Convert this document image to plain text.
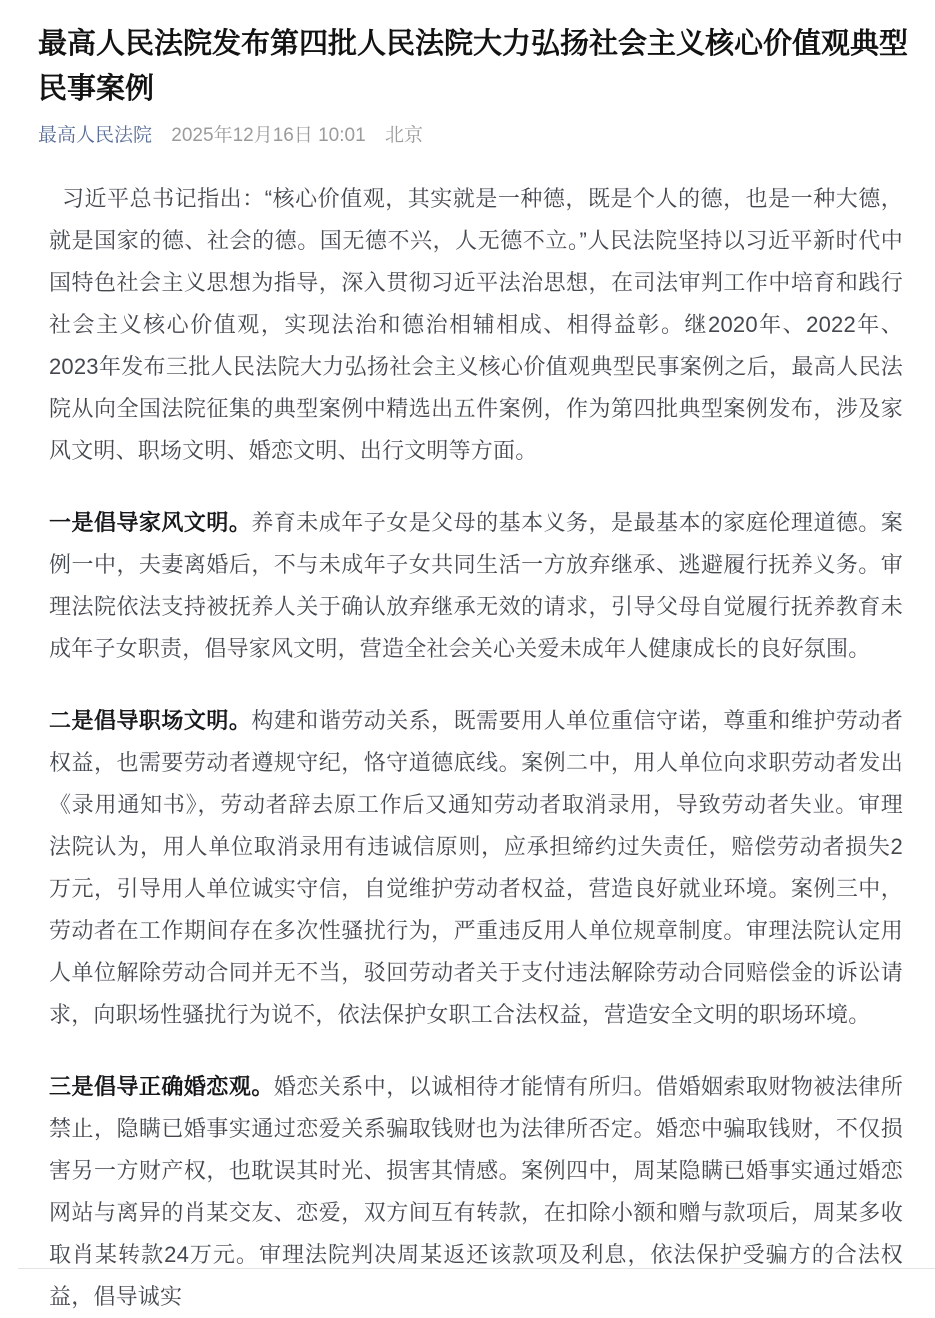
最高人民法院发布第四批人民法院大力弘扬社会主义核心价值观典型民事案例
最高人民法院 2025年12月16日 10:01 北京

习近平总书记指出：“核心价值观，其实就是一种德，既是个人的德，也是一种大德，就是国家的德、社会的德。国无德不兴，人无德不立。”人民法院坚持以习近平新时代中国特色社会主义思想为指导，深入贯彻习近平法治思想，在司法审判工作中培育和践行社会主义核心价值观，实现法治和德治相辅相成、相得益彰。继2020年、2022年、2023年发布三批人民法院大力弘扬社会主义核心价值观典型民事案例之后，最高人民法院从向全国法院征集的典型案例中精选出五件案例，作为第四批典型案例发布，涉及家风文明、职场文明、婚恋文明、出行文明等方面。

一是倡导家风文明。养育未成年子女是父母的基本义务，是最基本的家庭伦理道德。案例一中，夫妻离婚后，不与未成年子女共同生活一方放弃继承、逃避履行抚养义务。审理法院依法支持被抚养人关于确认放弃继承无效的请求，引导父母自觉履行抚养教育未成年子女职责，倡导家风文明，营造全社会关心关爱未成年人健康成长的良好氛围。

二是倡导职场文明。构建和谐劳动关系，既需要用人单位重信守诺，尊重和维护劳动者权益，也需要劳动者遵规守纪，恪守道德底线。案例二中，用人单位向求职劳动者发出《录用通知书》，劳动者辞去原工作后又通知劳动者取消录用，导致劳动者失业。审理法院认为，用人单位取消录用有违诚信原则，应承担缔约过失责任，赔偿劳动者损失2万元，引导用人单位诚实守信，自觉维护劳动者权益，营造良好就业环境。案例三中，劳动者在工作期间存在多次性骚扰行为，严重违反用人单位规章制度。审理法院认定用人单位解除劳动合同并无不当，驳回劳动者关于支付违法解除劳动合同赔偿金的诉讼请求，向职场性骚扰行为说不，依法保护女职工合法权益，营造安全文明的职场环境。

三是倡导正确婚恋观。婚恋关系中，以诚相待才能情有所归。借婚姻索取财物被法律所禁止，隐瞒已婚事实通过恋爱关系骗取钱财也为法律所否定。婚恋中骗取钱财，不仅损害另一方财产权，也耽误其时光、损害其情感。案例四中，周某隐瞒已婚事实通过婚恋网站与离异的肖某交友、恋爱，双方间互有转款，在扣除小额和赠与款项后，周某多收取肖某转款24万元。审理法院判决周某返还该款项及利息，依法保护受骗方的合法权益，倡导诚实
